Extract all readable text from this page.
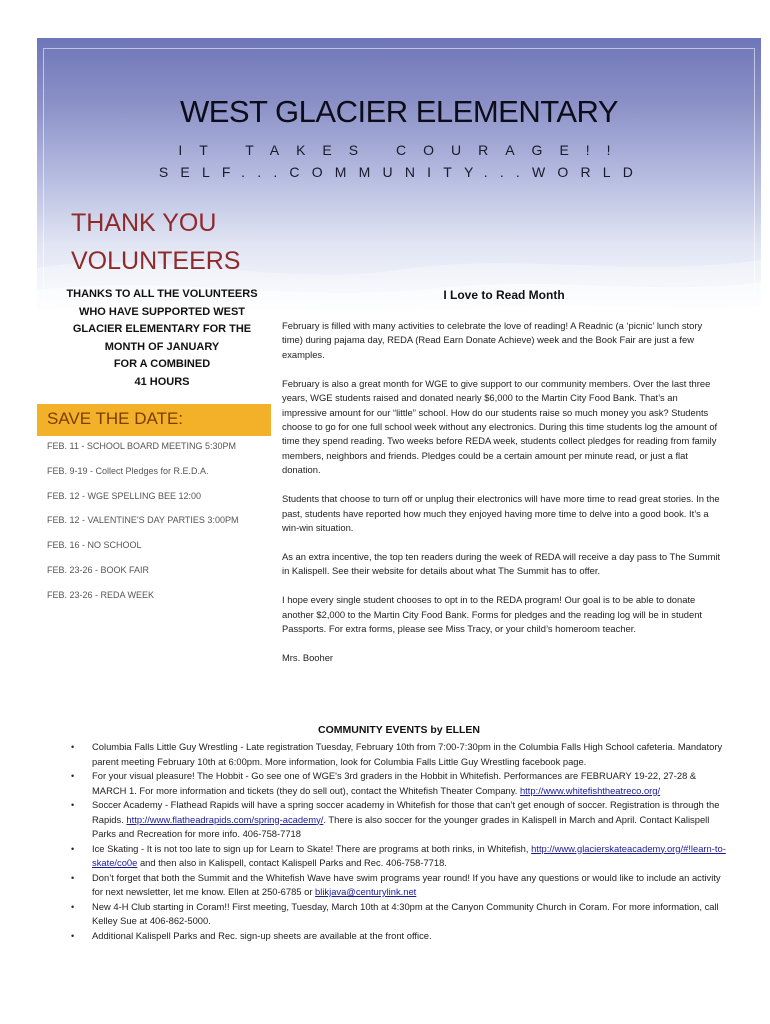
WEST GLACIER ELEMENTARY
IT TAKES COURAGE!!
SELF...COMMUNITY...WORLD
THANK YOU
VOLUNTEERS
THANKS TO ALL THE VOLUNTEERS
WHO HAVE SUPPORTED WEST
GLACIER ELEMENTARY FOR THE
MONTH OF JANUARY
FOR A COMBINED
41 HOURS
SAVE THE DATE:
FEB. 11 - SCHOOL BOARD MEETING 5:30PM
FEB. 9-19 - Collect Pledges for R.E.D.A.
FEB. 12 - WGE SPELLING BEE 12:00
FEB. 12 - VALENTINE'S DAY PARTIES 3:00PM
FEB. 16 - NO SCHOOL
FEB. 23-26 - BOOK FAIR
FEB. 23-26 - REDA WEEK
I Love to Read Month

February is filled with many activities to celebrate the love of reading! A Readnic (a ‘picnic’ lunch story time) during pajama day, REDA (Read Earn Donate Achieve) week and the Book Fair are just a few examples.

February is also a great month for WGE to give support to our community members. Over the last three years, WGE students raised and donated nearly $6,000 to the Martin City Food Bank. That’s an impressive amount for our “little” school. How do our students raise so much money you ask? Students choose to go for one full school week without any electronics. During this time students log the amount of time they spend reading. Two weeks before REDA week, students collect pledges for reading from family members, neighbors and friends. Pledges could be a certain amount per minute read, or just a flat donation.

Students that choose to turn off or unplug their electronics will have more time to read great stories. In the past, students have reported how much they enjoyed having more time to delve into a good book. It’s a win-win situation.

As an extra incentive, the top ten readers during the week of REDA will receive a day pass to The Summit in Kalispell. See their website for details about what The Summit has to offer.

I hope every single student chooses to opt in to the REDA program! Our goal is to be able to donate another $2,000 to the Martin City Food Bank. Forms for pledges and the reading log will be in student Passports. For extra forms, please see Miss Tracy, or your child’s homeroom teacher.

Mrs. Booher

COMMUNITY EVENTS by ELLEN
• Columbia Falls Little Guy Wrestling - Late registration Tuesday, February 10th from 7:00-7:30pm in the Columbia Falls High School cafeteria. Mandatory parent meeting February 10th at 6:00pm. More information, look for Columbia Falls Little Guy Wrestling facebook page.
• For your visual pleasure! The Hobbit - Go see one of WGE's 3rd graders in the Hobbit in Whitefish. Performances are FEBRUARY 19-22, 27-28 & MARCH 1. For more information and tickets (they do sell out), contact the Whitefish Theater Company. http://www.whitefishtheatreco.org/
• Soccer Academy - Flathead Rapids will have a spring soccer academy in Whitefish for those that can’t get enough of soccer. Registration is through the Rapids. http://www.flatheadrapids.com/spring-academy/. There is also soccer for the younger grades in Kalispell in March and April. Contact Kalispell Parks and Recreation for more info. 406-758-7718
• Ice Skating - It is not too late to sign up for Learn to Skate! There are programs at both rinks, in Whitefish, http://www.glacierskateacademy.org/#!learn-to-skate/co0e and then also in Kalispell, contact Kalispell Parks and Rec. 406-758-7718.
• Don’t forget that both the Summit and the Whitefish Wave have swim programs year round! If you have any questions or would like to include an activity for next newsletter, let me know. Ellen at 250-6785 or blikjava@centurylink.net
• New 4-H Club starting in Coram!! First meeting, Tuesday, March 10th at 4:30pm at the Canyon Community Church in Coram. For more information, call Kelley Sue at 406-862-5000.
• Additional Kalispell Parks and Rec. sign-up sheets are available at the front office.
